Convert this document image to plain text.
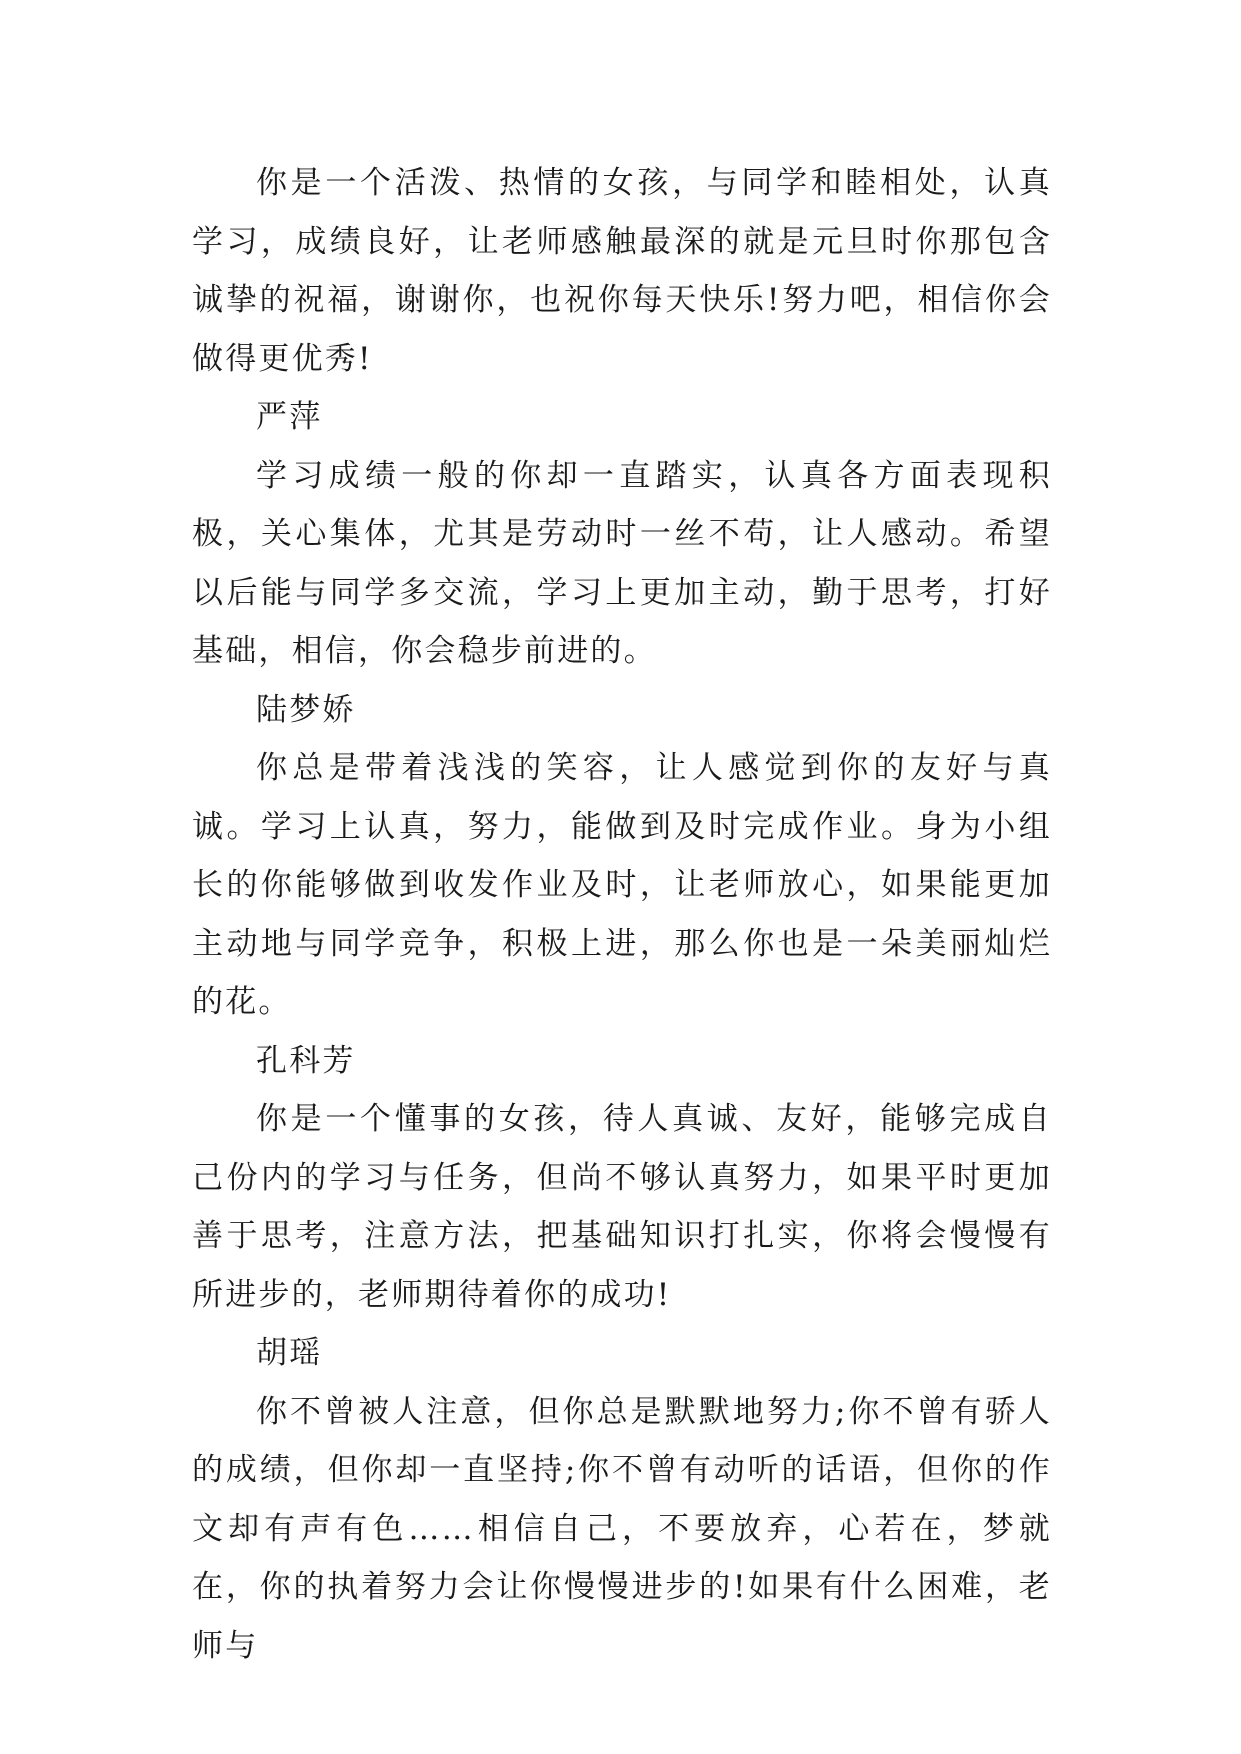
你是一个活泼、热情的女孩，与同学和睦相处，认真学习，成绩良好，让老师感触最深的就是元旦时你那包含诚挚的祝福，谢谢你，也祝你每天快乐!努力吧，相信你会做得更优秀!

严萍

学习成绩一般的你却一直踏实，认真各方面表现积极，关心集体，尤其是劳动时一丝不苟，让人感动。希望以后能与同学多交流，学习上更加主动，勤于思考，打好基础，相信，你会稳步前进的。

陆梦娇

你总是带着浅浅的笑容，让人感觉到你的友好与真诚。学习上认真，努力，能做到及时完成作业。身为小组长的你能够做到收发作业及时，让老师放心，如果能更加主动地与同学竞争，积极上进，那么你也是一朵美丽灿烂的花。

孔科芳

你是一个懂事的女孩，待人真诚、友好，能够完成自己份内的学习与任务，但尚不够认真努力，如果平时更加善于思考，注意方法，把基础知识打扎实，你将会慢慢有所进步的，老师期待着你的成功!

胡瑶

你不曾被人注意，但你总是默默地努力;你不曾有骄人的成绩，但你却一直坚持;你不曾有动听的话语，但你的作文却有声有色……相信自己，不要放弃，心若在，梦就在，你的执着努力会让你慢慢进步的!如果有什么困难，老师与
